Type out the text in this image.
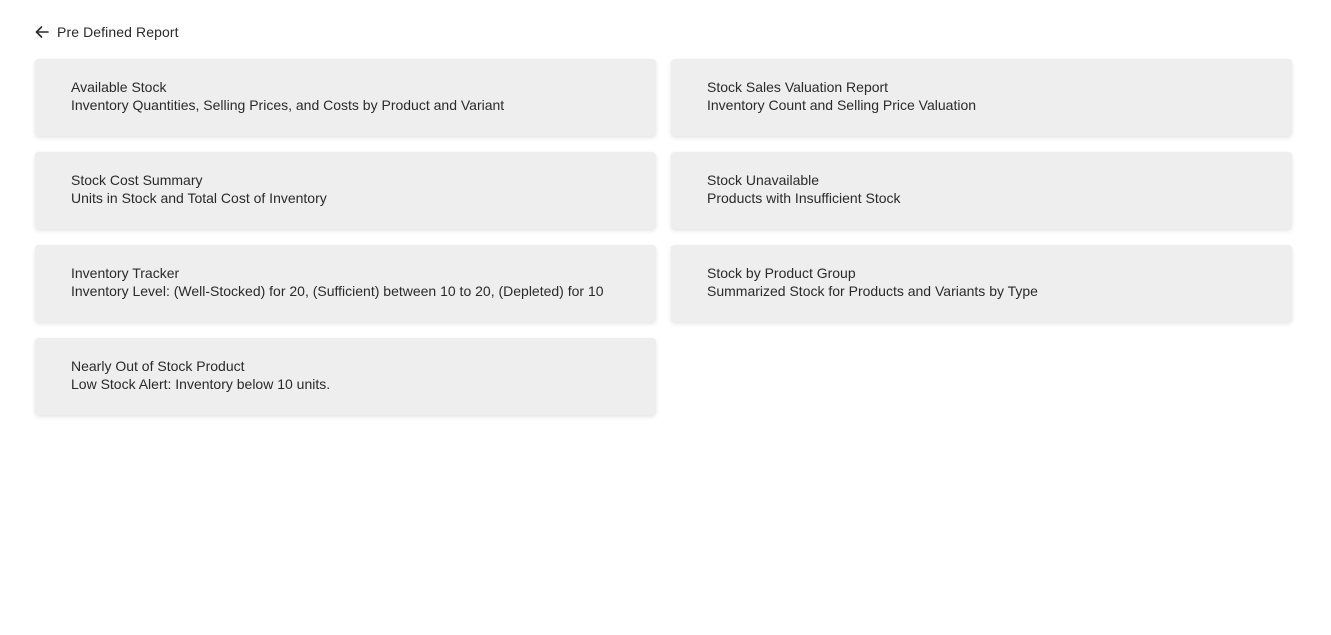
Pre Defined Report
Available Stock
Inventory Quantities, Selling Prices, and Costs by Product and Variant
Stock Sales Valuation Report
Inventory Count and Selling Price Valuation
Stock Cost Summary
Units in Stock and Total Cost of Inventory
Stock Unavailable
Products with Insufficient Stock
Inventory Tracker
Inventory Level: (Well-Stocked) for 20, (Sufficient) between 10 to 20, (Depleted) for 10
Stock by Product Group
Summarized Stock for Products and Variants by Type
Nearly Out of Stock Product
Low Stock Alert: Inventory below 10 units.
